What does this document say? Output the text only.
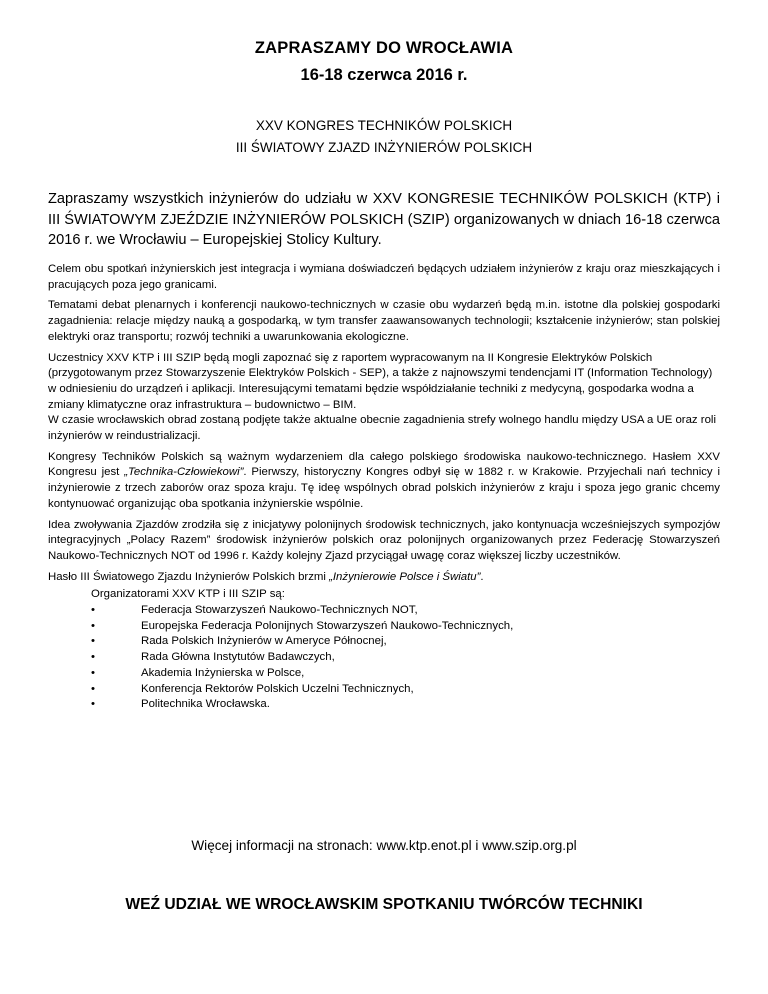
ZAPRASZAMY DO WROCŁAWIA
16-18 czerwca 2016 r.
XXV KONGRES TECHNIKÓW POLSKICH
III ŚWIATOWY ZJAZD INŻYNIERÓW POLSKICH

Zapraszamy wszystkich inżynierów do udziału w XXV KONGRESIE TECHNIKÓW POLSKICH (KTP) i III ŚWIATOWYM ZJEŹDZIE INŻYNIERÓW POLSKICH (SZIP) organizowanych w dniach 16-18 czerwca 2016 r. we Wrocławiu – Europejskiej Stolicy Kultury.

Celem obu spotkań inżynierskich jest integracja i wymiana doświadczeń będących udziałem inżynierów z kraju oraz mieszkających i pracujących poza jego granicami.

Tematami debat plenarnych i konferencji naukowo-technicznych w czasie obu wydarzeń będą m.in. istotne dla polskiej gospodarki zagadnienia: relacje między nauką a gospodarką, w tym transfer zaawansowanych technologii; kształcenie inżynierów; stan polskiej elektryki oraz transportu; rozwój techniki a uwarunkowania ekologiczne.

Uczestnicy XXV KTP i III SZIP będą mogli zapoznać się z raportem wypracowanym na II Kongresie Elektryków Polskich (przygotowanym przez Stowarzyszenie Elektryków Polskich - SEP), a także z najnowszymi tendencjami IT (Information Technology) w odniesieniu do urządzeń i aplikacji. Interesującymi tematami będzie współdziałanie techniki z medycyną, gospodarka wodna a zmiany klimatyczne oraz infrastruktura – budownictwo – BIM.

W czasie wrocławskich obrad zostaną podjęte także aktualne obecnie zagadnienia strefy wolnego handlu między USA a UE oraz roli inżynierów w reindustrializacji.

Kongresy Techników Polskich są ważnym wydarzeniem dla całego polskiego środowiska naukowo-technicznego. Hasłem XXV Kongresu jest „Technika-Człowiekowi”. Pierwszy, historyczny Kongres odbył się w 1882 r. w Krakowie. Przyjechali nań technicy i inżynierowie z trzech zaborów oraz spoza kraju. Tę ideę wspólnych obrad polskich inżynierów z kraju i spoza jego granic chcemy kontynuować organizując oba spotkania inżynierskie wspólnie.

Idea zwoływania Zjazdów zrodziła się z inicjatywy polonijnych środowisk technicznych, jako kontynuacja wcześniejszych sympozjów integracyjnych „Polacy Razem” środowisk inżynierów polskich oraz polonijnych organizowanych przez Federację Stowarzyszeń Naukowo-Technicznych NOT od 1996 r. Każdy kolejny Zjazd przyciągał uwagę coraz większej liczby uczestników.

Hasło III Światowego Zjazdu Inżynierów Polskich brzmi „Inżynierowie Polsce i Światu”.

Organizatorami XXV KTP i III SZIP są:

•	Federacja Stowarzyszeń Naukowo-Technicznych NOT,
•	Europejska Federacja Polonijnych Stowarzyszeń Naukowo-Technicznych,
•	Rada Polskich Inżynierów w Ameryce Północnej,
•	Rada Główna Instytutów Badawczych,
•	Akademia Inżynierska w Polsce,
•	Konferencja Rektorów Polskich Uczelni Technicznych,
•	Politechnika Wrocławska.
Więcej informacji na stronach: www.ktp.enot.pl i www.szip.org.pl
WEŹ UDZIAŁ WE WROCŁAWSKIM SPOTKANIU TWÓRCÓW TECHNIKI
